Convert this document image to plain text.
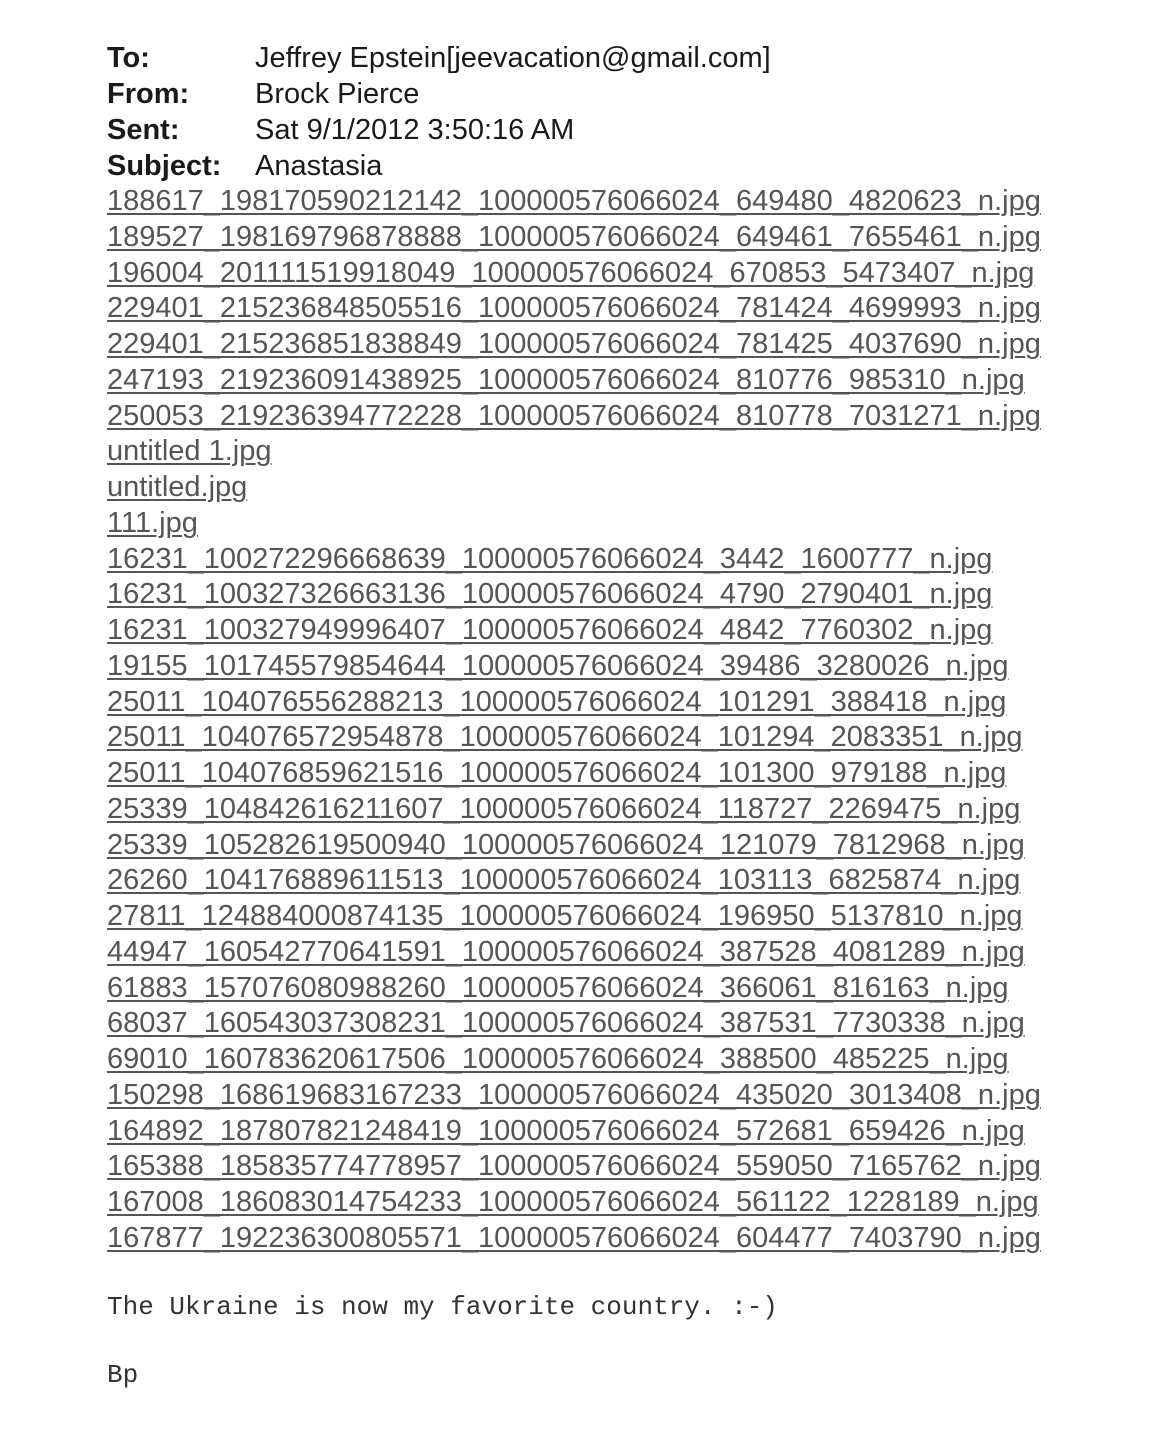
To:	Jeffrey Epstein[jeevacation@gmail.com]
From:	Brock Pierce
Sent:	Sat 9/1/2012 3:50:16 AM
Subject:	Anastasia
188617_198170590212142_100000576066024_649480_4820623_n.jpg
189527_198169796878888_100000576066024_649461_7655461_n.jpg
196004_201111519918049_100000576066024_670853_5473407_n.jpg
229401_215236848505516_100000576066024_781424_4699993_n.jpg
229401_215236851838849_100000576066024_781425_4037690_n.jpg
247193_219236091438925_100000576066024_810776_985310_n.jpg
250053_219236394772228_100000576066024_810778_7031271_n.jpg
untitled 1.jpg
untitled.jpg
111.jpg
16231_100272296668639_100000576066024_3442_1600777_n.jpg
16231_100327326663136_100000576066024_4790_2790401_n.jpg
16231_100327949996407_100000576066024_4842_7760302_n.jpg
19155_101745579854644_100000576066024_39486_3280026_n.jpg
25011_104076556288213_100000576066024_101291_388418_n.jpg
25011_104076572954878_100000576066024_101294_2083351_n.jpg
25011_104076859621516_100000576066024_101300_979188_n.jpg
25339_104842616211607_100000576066024_118727_2269475_n.jpg
25339_105282619500940_100000576066024_121079_7812968_n.jpg
26260_104176889611513_100000576066024_103113_6825874_n.jpg
27811_124884000874135_100000576066024_196950_5137810_n.jpg
44947_160542770641591_100000576066024_387528_4081289_n.jpg
61883_157076080988260_100000576066024_366061_816163_n.jpg
68037_160543037308231_100000576066024_387531_7730338_n.jpg
69010_160783620617506_100000576066024_388500_485225_n.jpg
150298_168619683167233_100000576066024_435020_3013408_n.jpg
164892_187807821248419_100000576066024_572681_659426_n.jpg
165388_185835774778957_100000576066024_559050_7165762_n.jpg
167008_186083014754233_100000576066024_561122_1228189_n.jpg
167877_192236300805571_100000576066024_604477_7403790_n.jpg
The Ukraine is now my favorite country. :-)
Bp
